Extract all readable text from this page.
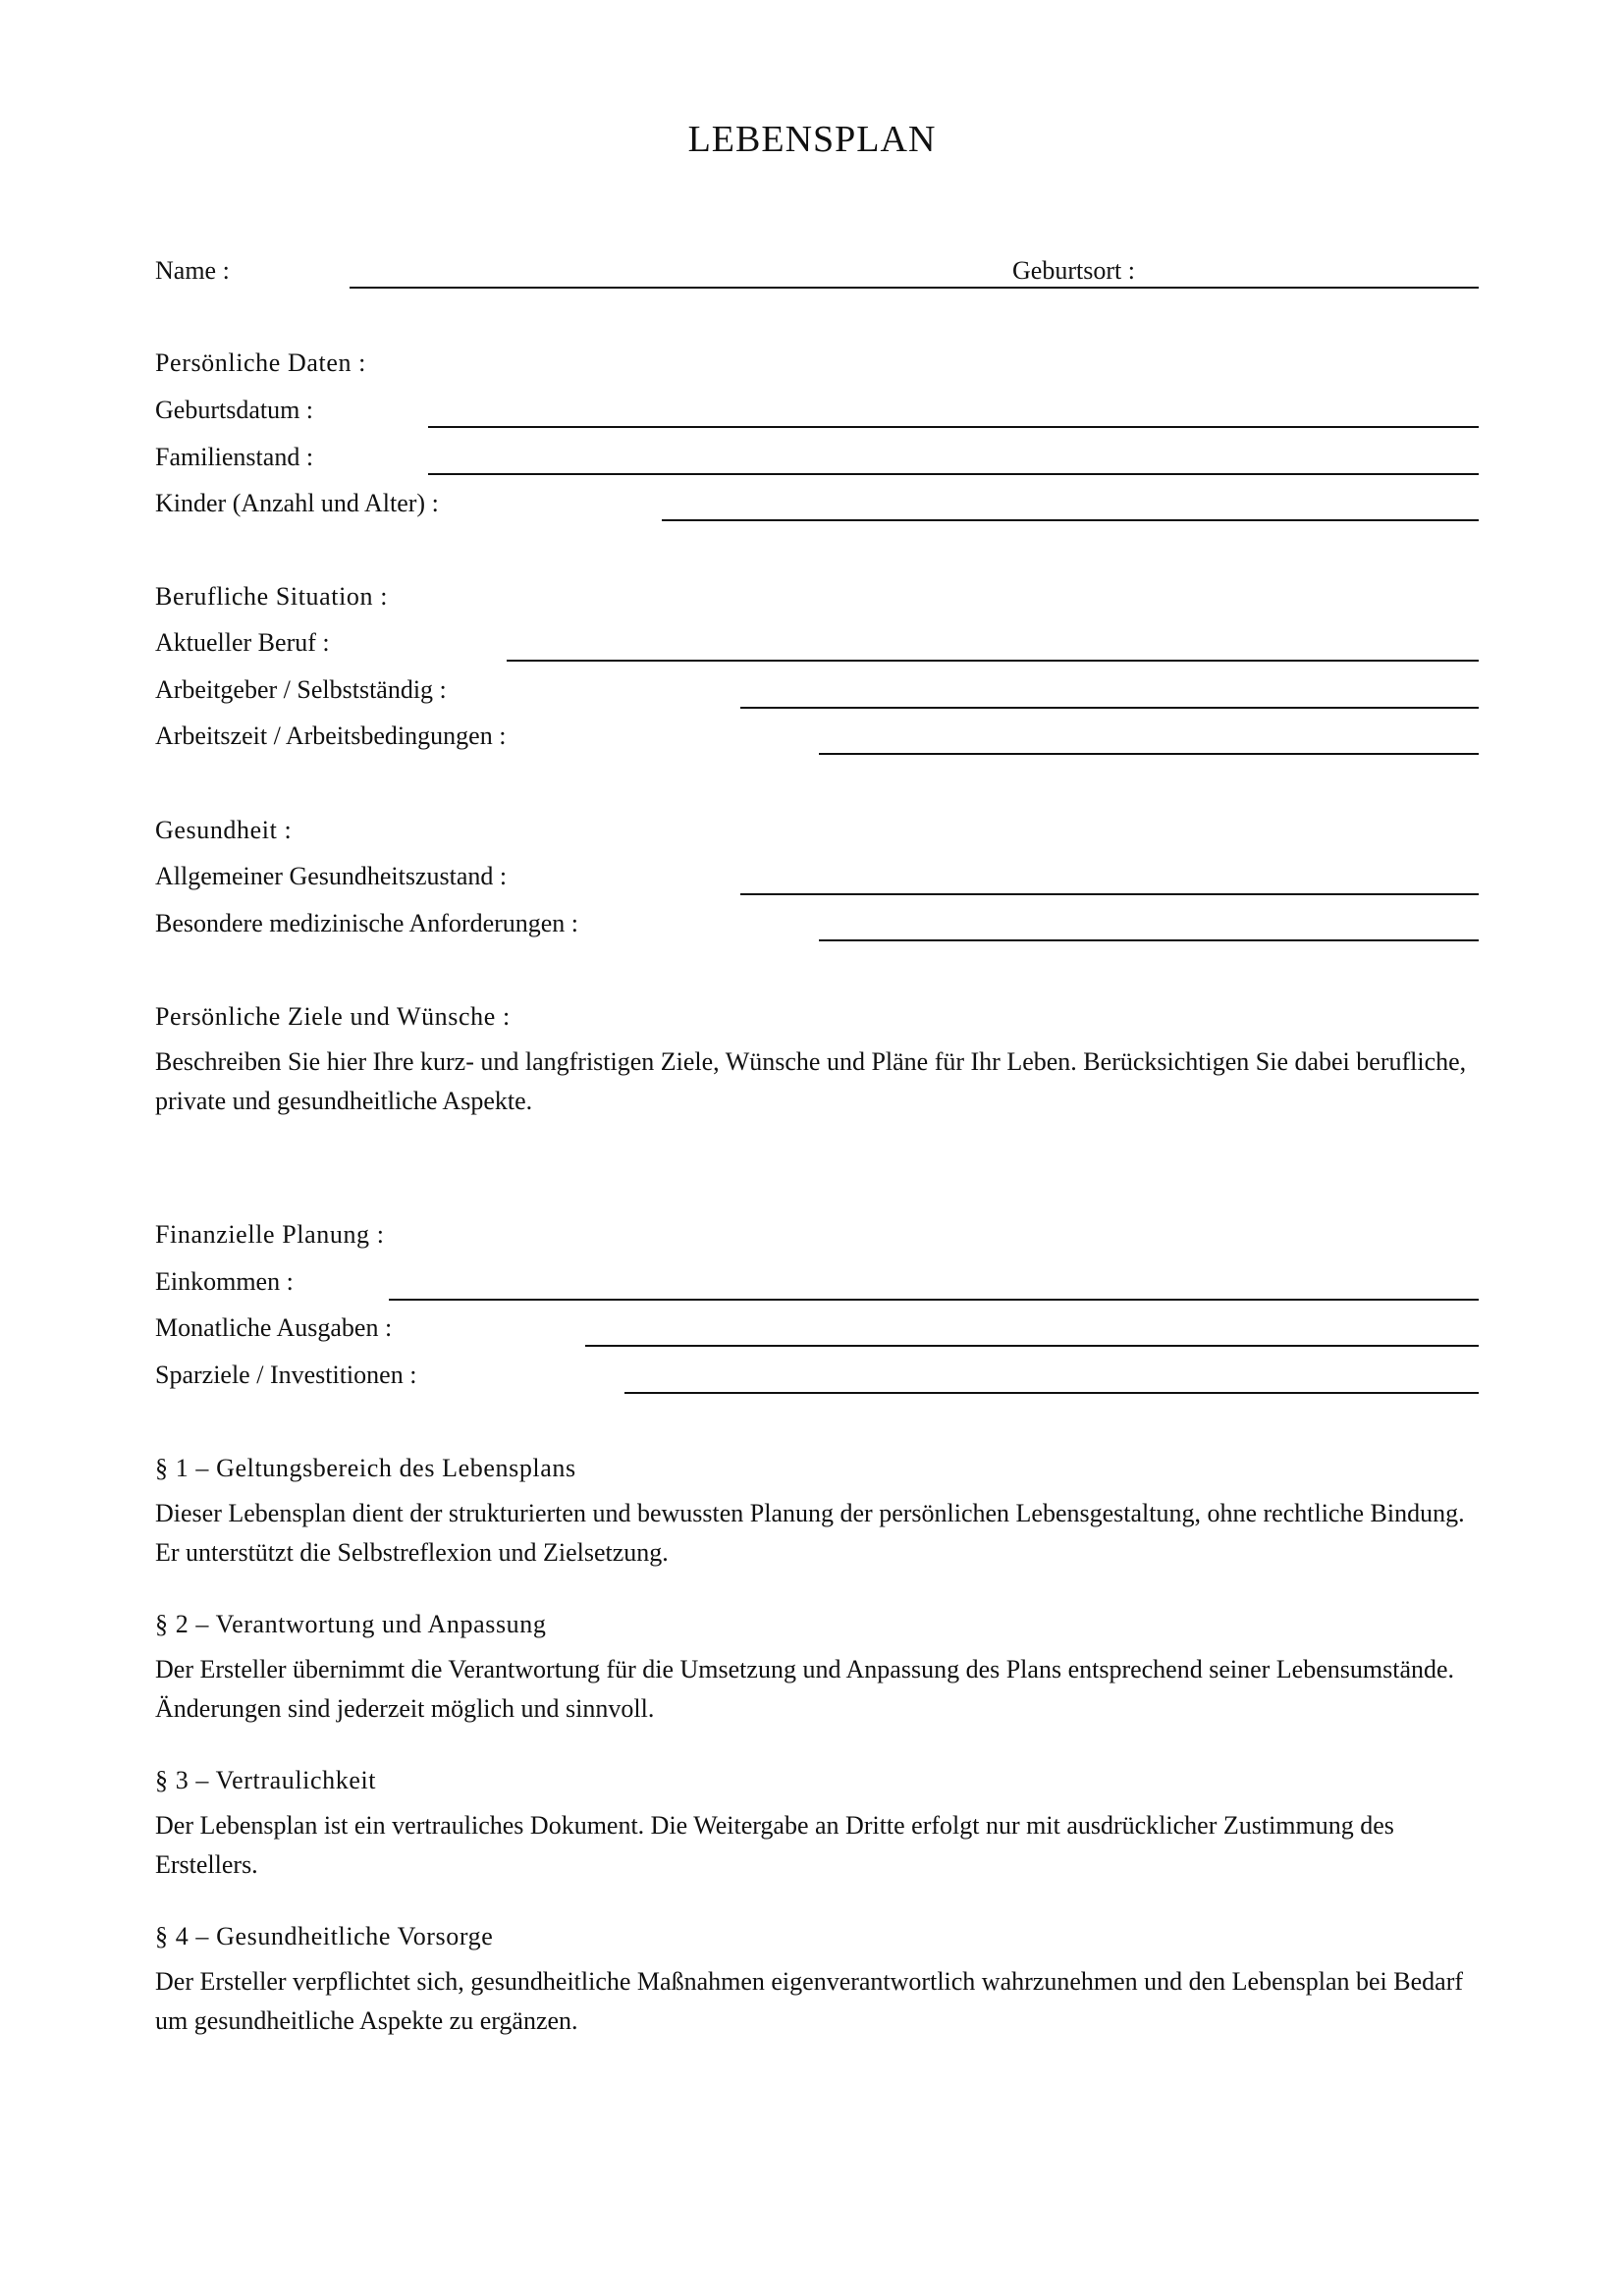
LEBENSPLAN
Name :	Geburtsort :
Persönliche Daten :
Geburtsdatum :
Familienstand :
Kinder (Anzahl und Alter) :
Berufliche Situation :
Aktueller Beruf :
Arbeitgeber / Selbstständig :
Arbeitszeit / Arbeitsbedingungen :
Gesundheit :
Allgemeiner Gesundheitszustand :
Besondere medizinische Anforderungen :
Persönliche Ziele und Wünsche :
Beschreiben Sie hier Ihre kurz- und langfristigen Ziele, Wünsche und Pläne für Ihr Leben. Berücksichtigen Sie dabei berufliche, private und gesundheitliche Aspekte.
Finanzielle Planung :
Einkommen :
Monatliche Ausgaben :
Sparziele / Investitionen :
§ 1 – Geltungsbereich des Lebensplans
Dieser Lebensplan dient der strukturierten und bewussten Planung der persönlichen Lebensgestaltung, ohne rechtliche Bindung. Er unterstützt die Selbstreflexion und Zielsetzung.
§ 2 – Verantwortung und Anpassung
Der Ersteller übernimmt die Verantwortung für die Umsetzung und Anpassung des Plans entsprechend seiner Lebensumstände. Änderungen sind jederzeit möglich und sinnvoll.
§ 3 – Vertraulichkeit
Der Lebensplan ist ein vertrauliches Dokument. Die Weitergabe an Dritte erfolgt nur mit ausdrücklicher Zustimmung des Erstellers.
§ 4 – Gesundheitliche Vorsorge
Der Ersteller verpflichtet sich, gesundheitliche Maßnahmen eigenverantwortlich wahrzunehmen und den Lebensplan bei Bedarf um gesundheitliche Aspekte zu ergänzen.
